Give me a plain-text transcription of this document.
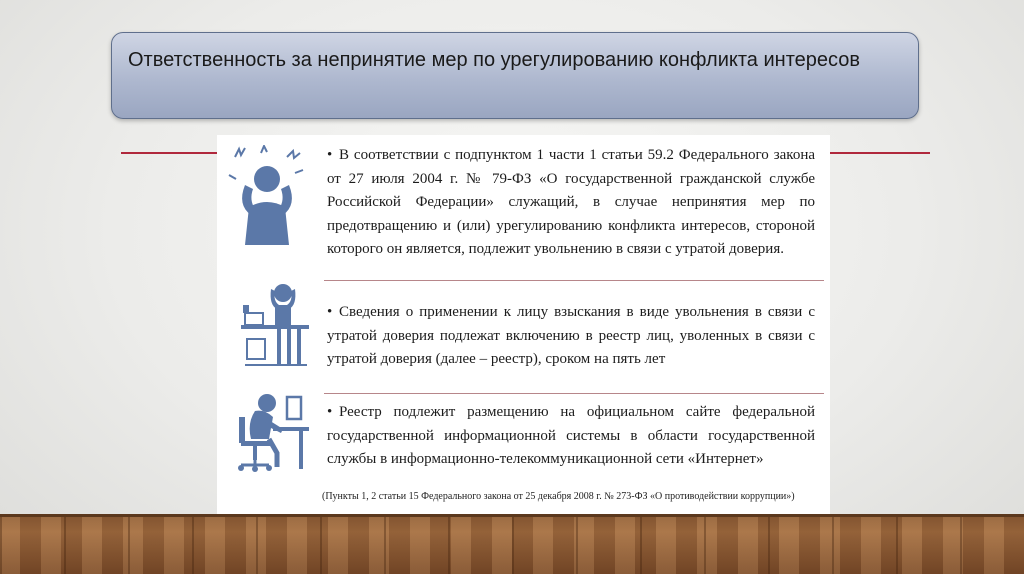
Ответственность за непринятие мер по урегулированию конфликта интересов
• В соответствии с подпунктом 1 части 1 статьи 59.2 Федерального закона от 27 июля 2004 г. № 79-ФЗ «О государственной гражданской службе Российской Федерации» служащий, в случае непринятия мер по предотвращению и (или) урегулированию конфликта интересов, стороной которого он является, подлежит увольнению в связи с утратой доверия.
• Сведения о применении к лицу взыскания в виде увольнения в связи с утратой доверия подлежат включению в реестр лиц, уволенных в связи с утратой доверия (далее – реестр), сроком на пять лет
• Реестр подлежит размещению на официальном сайте федеральной государственной информационной системы в области государственной службы в информационно-телекоммуникационной сети «Интернет»
(Пункты 1, 2 статьи 15 Федерального закона от 25 декабря 2008 г. № 273-ФЗ «О противодействии коррупции»)
